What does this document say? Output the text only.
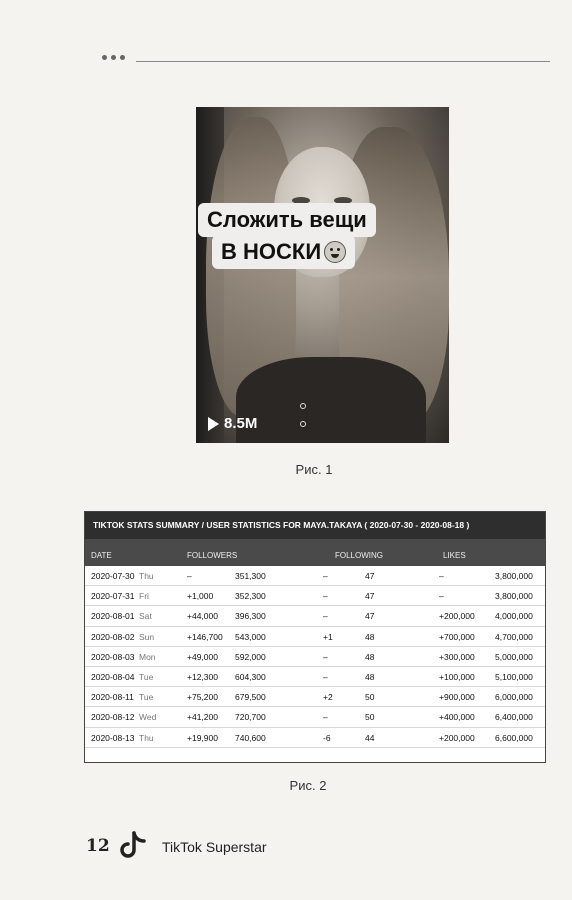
8.5M
Сложить вещи
В НОСКИ
Рис. 1
TIKTOK STATS SUMMARY / USER STATISTICS FOR MAYA.TAKAYA ( 2020-07-30 - 2020-08-18 )
DATE	FOLLOWERS	FOLLOWING	LIKES
2020-07-30 Thu	–	351,300	–	47	–	3,800,000
2020-07-31 Fri	+1,000	352,300	–	47	–	3,800,000
2020-08-01 Sat	+44,000 396,300	–	47	+200,000 4,000,000
2020-08-02 Sun	+146,700 543,000	+1	48	+700,000 4,700,000
2020-08-03 Mon	+49,000 592,000	–	48	+300,000 5,000,000
2020-08-04 Tue	+12,300 604,300	–	48	+100,000 5,100,000
2020-08-11 Tue	+75,200 679,500	+2	50	+900,000 6,000,000
2020-08-12 Wed	+41,200 720,700	–	50	+400,000 6,400,000
2020-08-13 Thu	+19,900 740,600	-6	44	+200,000 6,600,000
Рис. 2
12	TikTok Superstar
